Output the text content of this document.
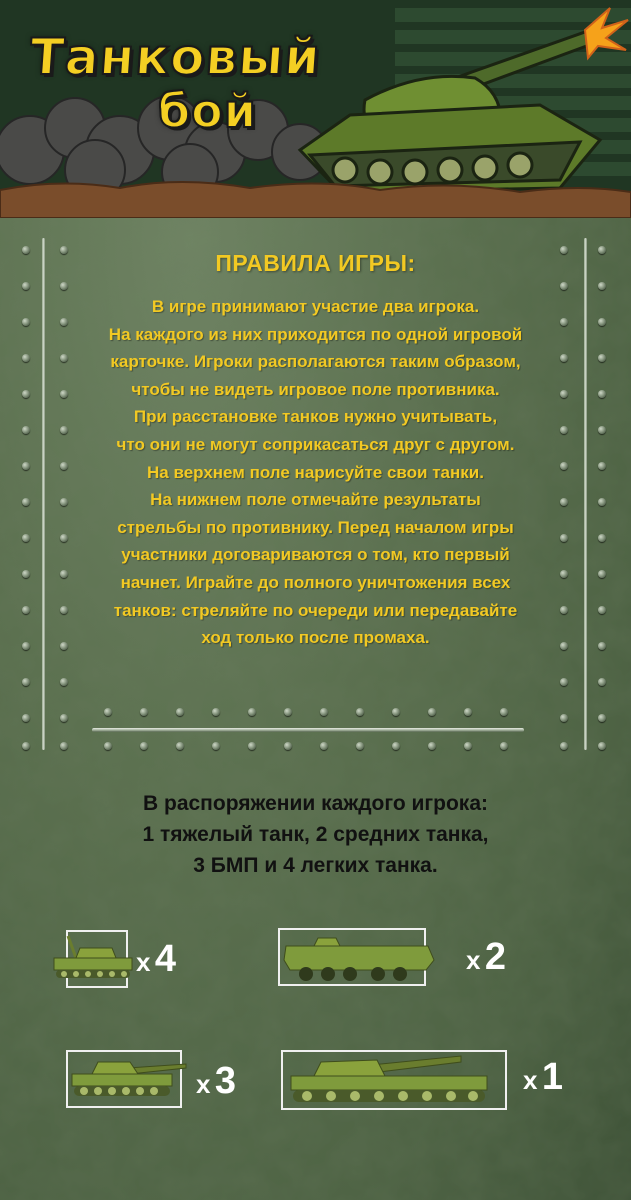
Танковый
бой
ПРАВИЛА ИГРЫ:
В игре принимают участие два игрока.
На каждого из них приходится по одной игровой
карточке. Игроки располагаются таким образом,
чтобы не видеть игровое поле противника.
При расстановке танков нужно учитывать,
что они не могут соприкасаться друг с другом.
На верхнем поле нарисуйте свои танки.
На нижнем поле отмечайте результаты
стрельбы по противнику. Перед началом игры
участники договариваются о том, кто первый
начнет. Играйте до полного уничтожения всех
танков: стреляйте по очереди или передавайте
ход только после промаха.
В распоряжении каждого игрока:
1 тяжелый танк, 2 средних танка,
3 БМП и 4 легких танка.
x 4	x 2
x 3	x 1
